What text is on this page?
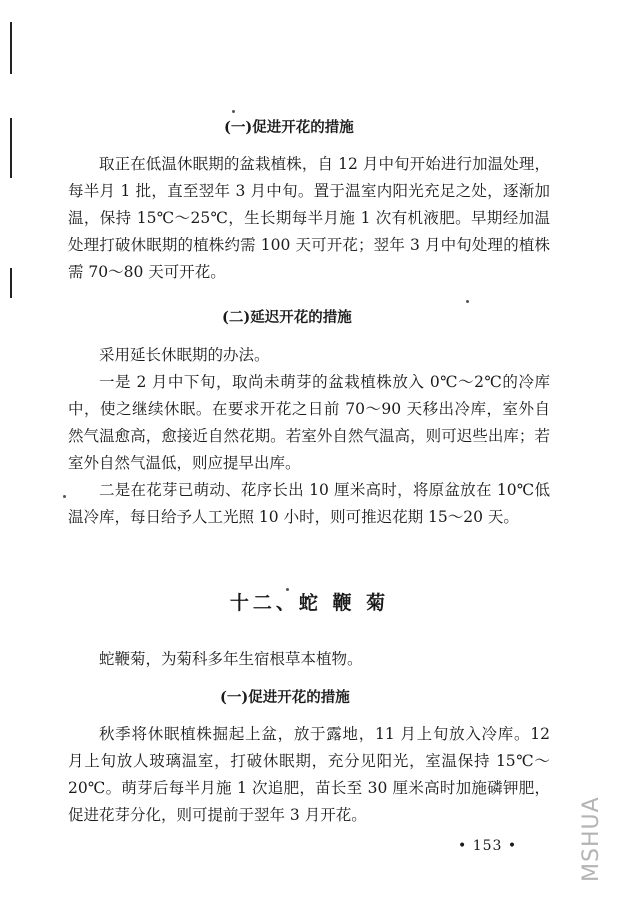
(一)促进开花的措施
取正在低温休眠期的盆栽植株，自 12 月中旬开始进行加温处理，每半月 1 批，直至翌年 3 月中旬。置于温室内阳光充足之处，逐渐加温，保持 15℃～25℃，生长期每半月施 1 次有机液肥。早期经加温处理打破休眠期的植株约需 100 天可开花；翌年 3 月中旬处理的植株需 70～80 天可开花。
(二)延迟开花的措施
采用延长休眠期的办法。
一是 2 月中下旬，取尚未萌芽的盆栽植株放入 0℃～2℃的冷库中，使之继续休眠。在要求开花之日前 70～90 天移出冷库，室外自然气温愈高，愈接近自然花期。若室外自然气温高，则可迟些出库；若室外自然气温低，则应提早出库。
二是在花芽已萌动、花序长出 10 厘米高时，将原盆放在 10℃低温冷库，每日给予人工光照 10 小时，则可推迟花期 15～20 天。
十二、蛇 鞭 菊
蛇鞭菊，为菊科多年生宿根草本植物。
(一)促进开花的措施
秋季将休眠植株掘起上盆，放于露地，11 月上旬放入冷库。12 月上旬放人玻璃温室，打破休眠期，充分见阳光，室温保持 15℃～20℃。萌芽后每半月施 1 次追肥，苗长至 30 厘米高时加施磷钾肥，促进花芽分化，则可提前于翌年 3 月开花。
• 153 •	MSHUA
